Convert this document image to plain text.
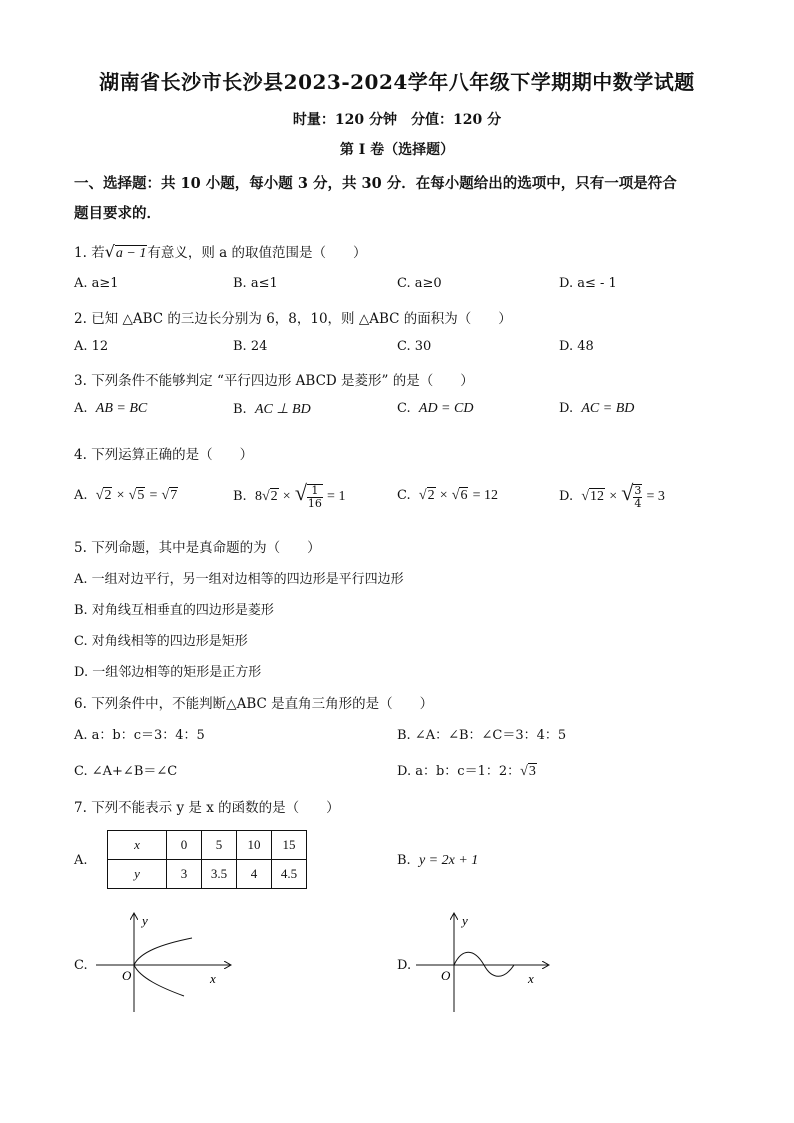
湖南省长沙市长沙县2023-2024学年八年级下学期期中数学试题
时量：120 分钟　分值：120 分
第 I 卷（选择题）
一、选择题：共 10 小题，每小题 3 分，共 30 分．在每小题给出的选项中，只有一项是符合
题目要求的．
1. 若√a − 1有意义，则 a 的取值范围是（　　）
A. a≥1	B. a≤1	C. a≥0	D. a≤ - 1
2. 已知 △ABC 的三边长分别为 6，8，10，则 △ABC 的面积为（　　）
A. 12	B. 24	C. 30	D. 48
3. 下列条件不能够判定 “平行四边形 ABCD 是菱形” 的是（　　）
A. AB = BC	B. AC ⊥ BD	C. AD = CD	D. AC = BD
4. 下列运算正确的是（　　）
A. √2 × √5 = √7	B. 8√2 × √ $\frac{1}{16} = 1$	C. √2 × √6 = 12	D. √12 × √ $\frac{3}{4} = 3$
5. 下列命题，其中是真命题的为（　　）
A. 一组对边平行，另一组对边相等的四边形是平行四边形
B. 对角线互相垂直的四边形是菱形
C. 对角线相等的四边形是矩形
D. 一组邻边相等的矩形是正方形
6. 下列条件中，不能判断△ABC 是直角三角形的是（　　）
A. a：b：c＝3：4：5	B. ∠A：∠B：∠C＝3：4：5
C. ∠A+∠B＝∠C	D. a：b：c＝1：2：√3
7. 下列不能表示 y 是 x 的函数的是（　　）
A.
x	0	5	10	15
y	3	3.5	4	4.5
B. y = 2x + 1
C.
y
x
O
D.
y
x
O
